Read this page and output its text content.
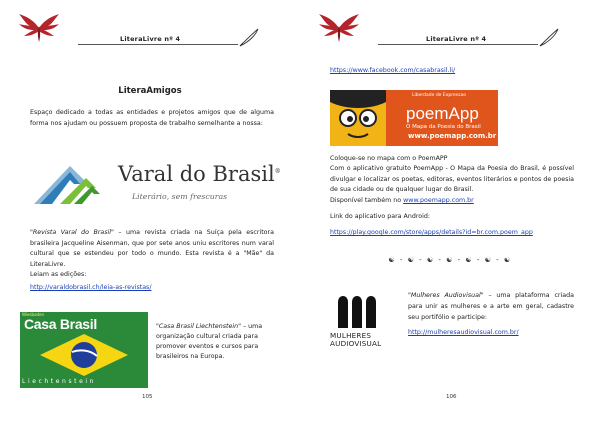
LiteraLivre nº 4
LiteraAmigos
Espaço dedicado a todas as entidades e projetos amigos que de alguma forma nos ajudam ou possuem proposta de trabalho semelhante a nossa:
Varal do Brasil®
Literário, sem frescuras
"Revista Varal do Brasil" – uma revista criada na Suíça pela escritora brasileira Jacqueline Aisenman, que por sete anos uniu escritores num varal cultural que se estendeu por todo o mundo. Esta revista é a "Mãe" da LiteraLivre.
Leiam as edições:
http://varaldobrasil.ch/leia-as-revistas/
Wiesbaden
Casa Brasil
Liechtenstein
"Casa Brasil Liechtenstein" – uma organização cultural criada para promover eventos e cursos para brasileiros na Europa.
105
LiteraLivre nº 4
https://www.facebook.com/casabrasil.li/
Liberdade de Expressao
poemApp
O Mapa da Poesia do Brasil
www.poemapp.com.br
Coloque-se no mapa com o PoemAPP
Com o aplicativo gratuito PoemApp - O Mapa da Poesia do Brasil, é possível divulgar e localizar os poetas, editoras, eventos literários e pontos de poesia de sua cidade ou de qualquer lugar do Brasil.
Disponível também no www.poemapp.com.br
Link do aplicativo para Android:
https://play.google.com/store/apps/details?id=br.com.poem_app
☯ - ☯ - ☯ - ☯ - ☯ - ☯ - ☯
MULHERES
AUDIOVISUAL
"Mulheres Audiovisual" – uma plataforma criada para unir as mulheres e a arte em geral, cadastre seu portifólio e participe:
http://mulheresaudiovisual.com.br/
106
